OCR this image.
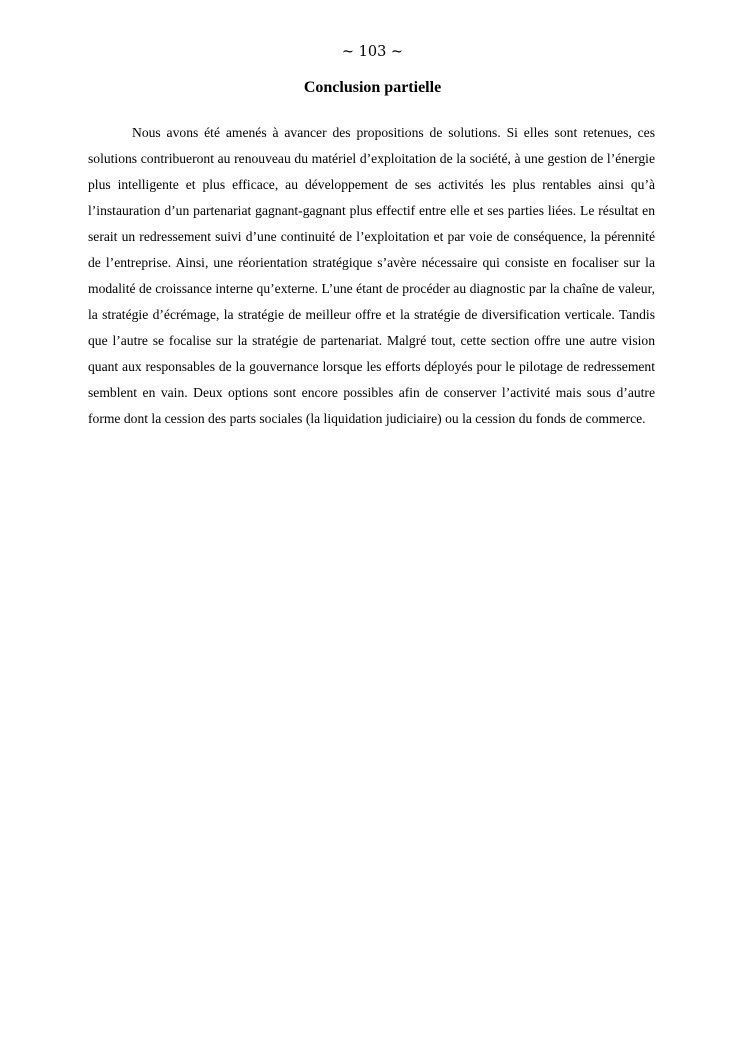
~ 103 ~
Conclusion partielle

Nous avons été amenés à avancer des propositions de solutions. Si elles sont retenues, ces solutions contribueront au renouveau du matériel d’exploitation de la société, à une gestion de l’énergie plus intelligente et plus efficace, au développement de ses activités les plus rentables ainsi qu’à l’instauration d’un partenariat gagnant-gagnant plus effectif entre elle et ses parties liées. Le résultat en serait un redressement suivi d’une continuité de l’exploitation et par voie de conséquence, la pérennité de l’entreprise. Ainsi, une réorientation stratégique s’avère nécessaire qui consiste en focaliser sur la modalité de croissance interne qu’externe. L’une étant de procéder au diagnostic par la chaîne de valeur, la stratégie d’écrémage, la stratégie de meilleur offre et la stratégie de diversification verticale. Tandis que l’autre se focalise sur la stratégie de partenariat. Malgré tout, cette section offre une autre vision quant aux responsables de la gouvernance lorsque les efforts déployés pour le pilotage de redressement semblent en vain. Deux options sont encore possibles afin de conserver l’activité mais sous d’autre forme dont la cession des parts sociales (la liquidation judiciaire) ou la cession du fonds de commerce.
